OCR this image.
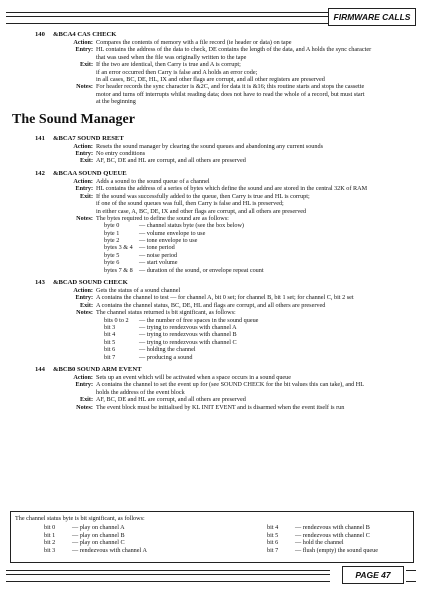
FIRMWARE CALLS
140 &BCA4 CAS CHECK
Action: Compares the contents of memory with a file record (ie header or data) on tape
Entry: HL contains the address of the data to check, DE contains the length of the data, and A holds the sync character
that was used when the file was originally written to the tape
Exit: If the two are identical, then Carry is true and A is corrupt;
if an error occurred then Carry is false and A holds an error code;
in all cases, BC, DE, HL, IX and other flags are corrupt, and all other registers are preserved
Notes: For header records the sync character is &2C, and for data it is &16; this routine starts and stops the cassette
motor and turns off interrupts whilst reading data; does not have to read the whole of a record, but must start
at the beginning
The Sound Manager
141 &BCA7 SOUND RESET
Action: Resets the sound manager by clearing the sound queues and abandoning any current sounds
Entry: No entry conditions
Exit: AF, BC, DE and HL are corrupt, and all others are preserved
142 &BCAA SOUND QUEUE
Action: Adds a sound to the sound queue of a channel
Entry: HL contains the address of a series of bytes which define the sound and are stored in the central 32K of RAM
Exit: If the sound was successfully added to the queue, then Carry is true and HL is corrupt;
if one of the sound queues was full, then Carry is false and HL is preserved;
in either case, A, BC, DE, IX and other flags are corrupt, and all others are preserved
Notes: The bytes required to define the sound are as follows:
byte 0	— channel status byte (see the box below)
byte 1	— volume envelope to use
byte 2	— tone envelope to use
bytes 3 & 4	— tone period
byte 5	— noise period
byte 6	— start volume
bytes 7 & 8	— duration of the sound, or envelope repeat count
143 &BCAD SOUND CHECK
Action: Gets the status of a sound channel
Entry: A contains the channel to test — for channel A, bit 0 set; for channel B, bit 1 set; for channel C, bit 2 set
Exit: A contains the channel status, BC, DE, HL and flags are corrupt, and all others are preserved
Notes: The channel status returned is bit significant, as follows:
bits 0 to 2	— the number of free spaces in the sound queue
bit 3	— trying to rendezvous with channel A
bit 4	— trying to rendezvous with channel B
bit 5	— trying to rendezvous with channel C
bit 6	— holding the channel
bit 7	— producing a sound
144 &BCB0 SOUND ARM EVENT
Action: Sets up an event which will be activated when a space occurs in a sound queue
Entry: A contains the channel to set the event up for (see SOUND CHECK for the bit values this can take), and HL
holds the address of the event block
Exit: AF, BC, DE and HL are corrupt, and all others are preserved
Notes: The event block must be initialised by KL INIT EVENT and is disarmed when the event itself is run
The channel status byte is bit significant, as follows:
bit 0	— play on channel A
bit 1	— play on channel B
bit 2	— play on channel C
bit 3	— rendezvous with channel A
bit 4	— rendezvous with channel B
bit 5	— rendezvous with channel C
bit 6	— hold the channel
bit 7	— flush (empty) the sound queue
PAGE 47
